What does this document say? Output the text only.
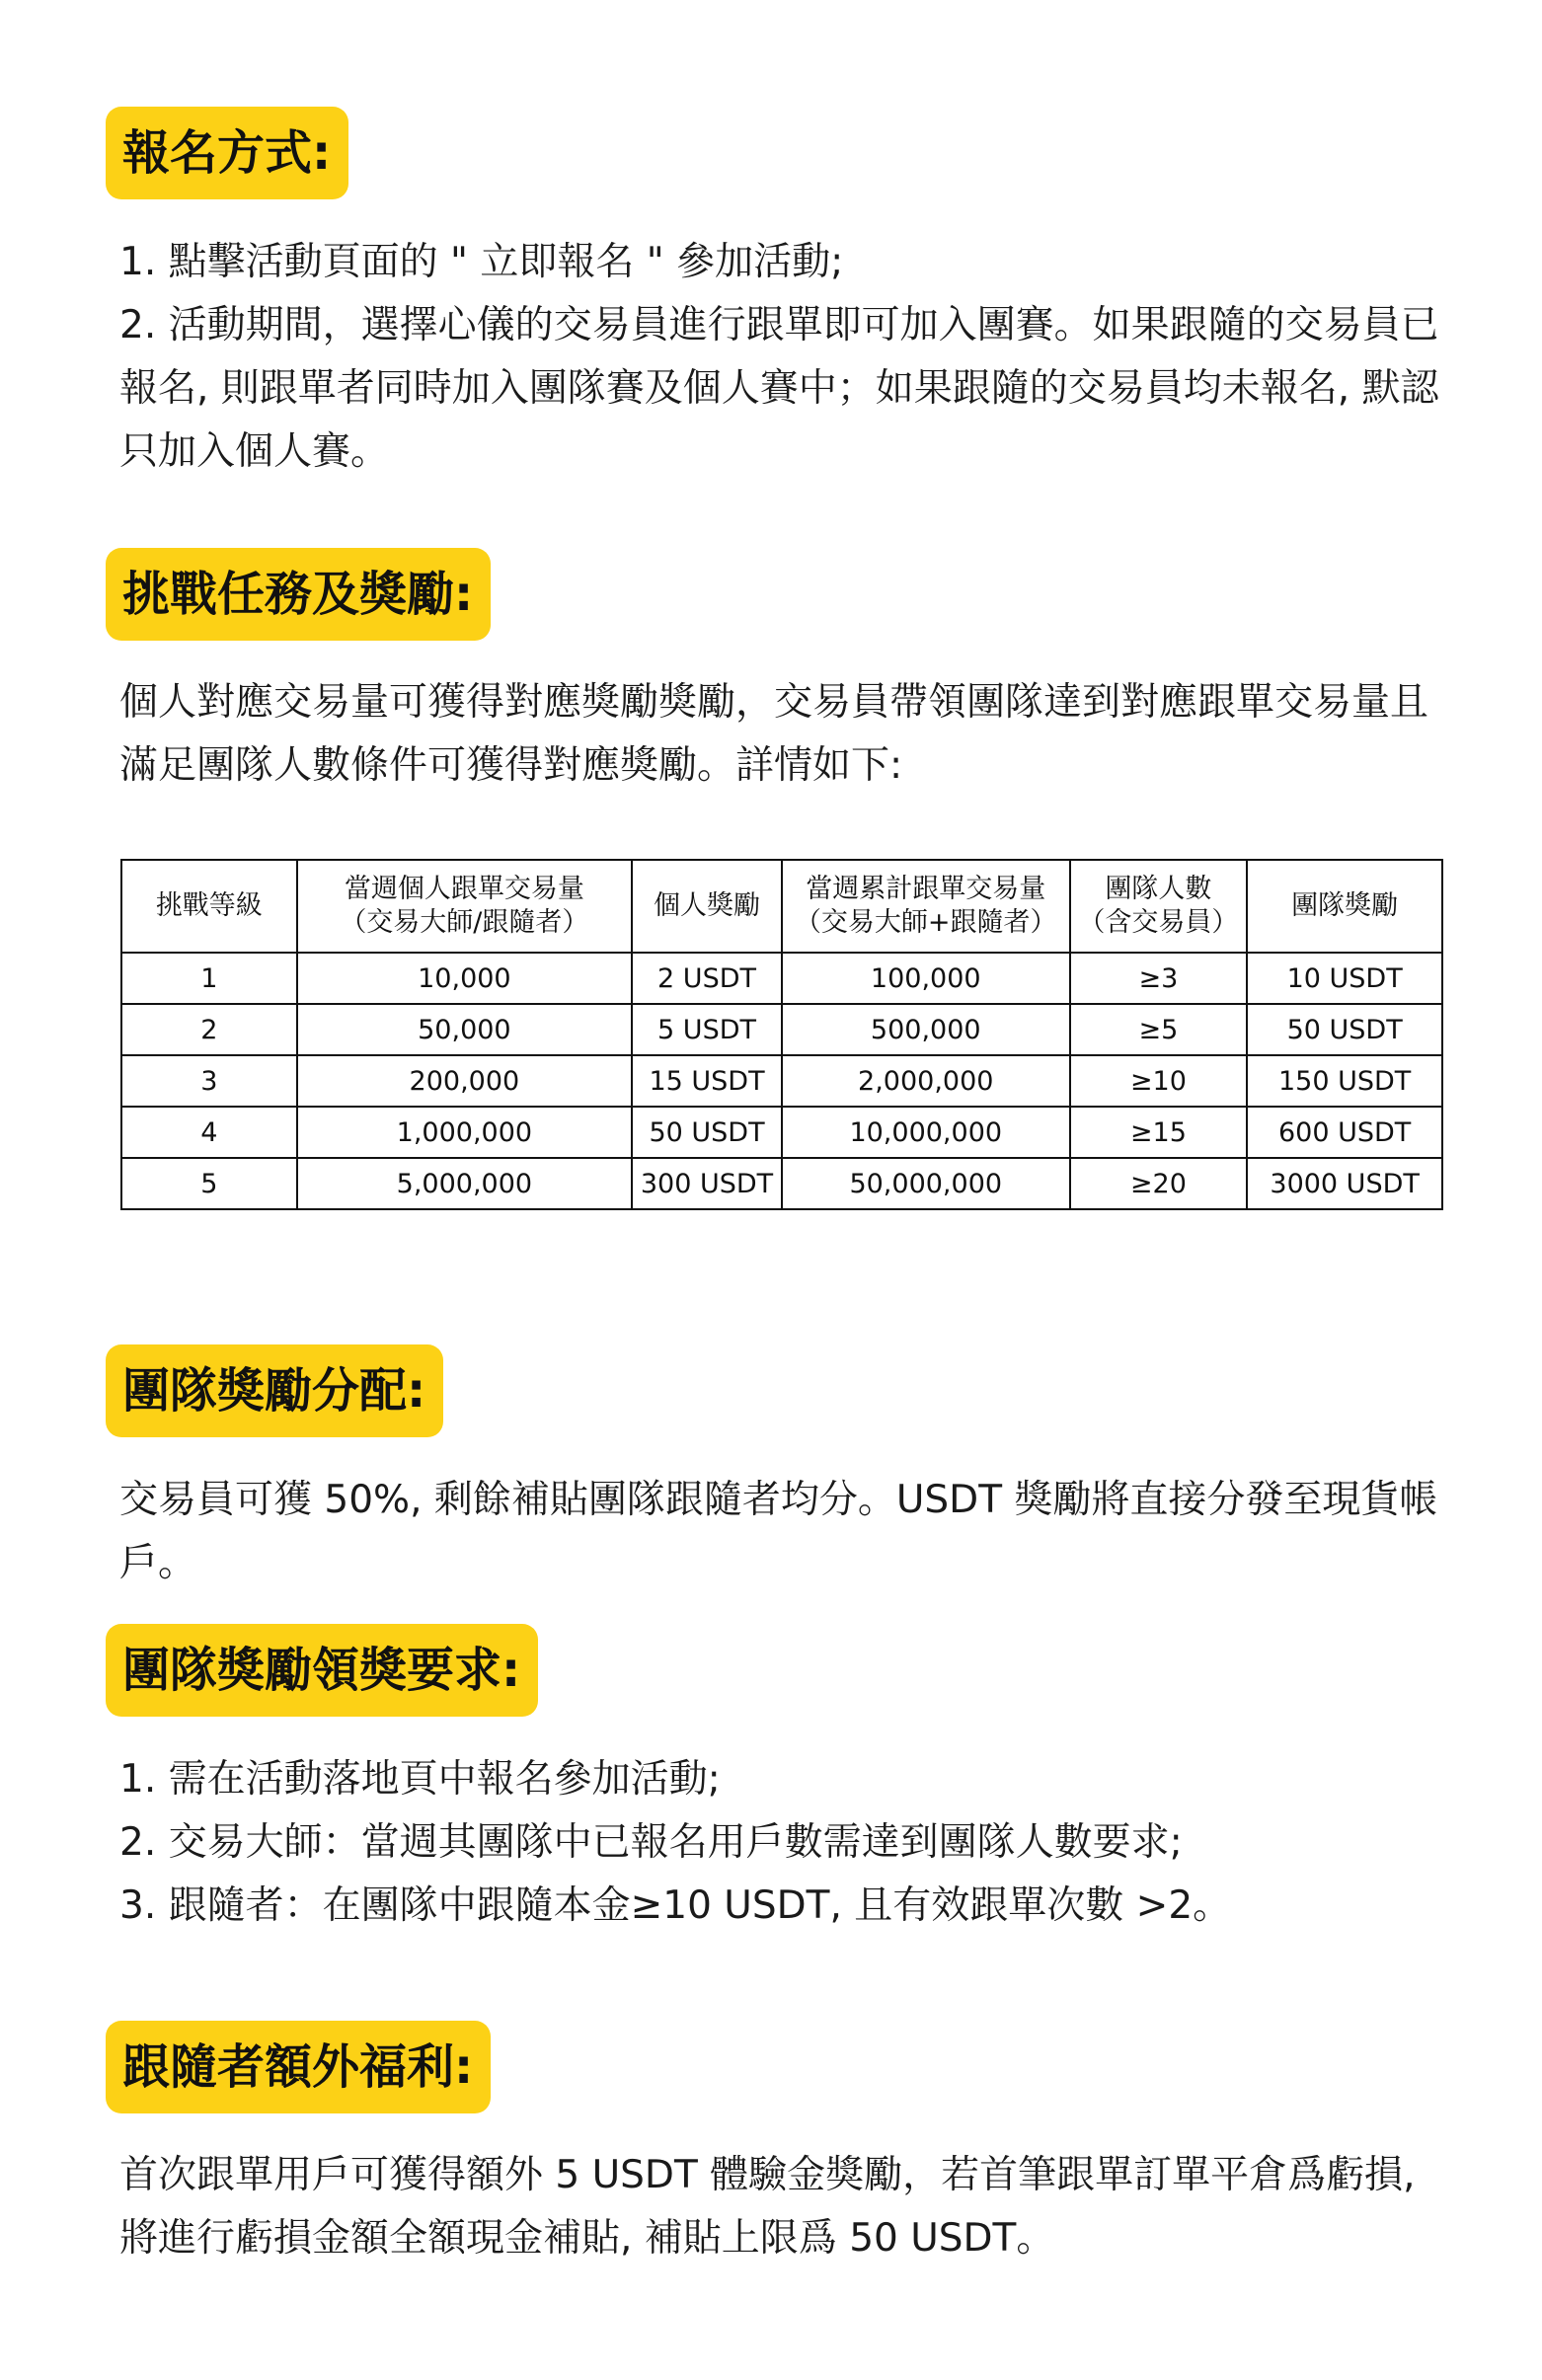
報名方式:

1. 點擊活動頁面的 " 立即報名 " 參加活動;

2. 活動期間，選擇心儀的交易員進行跟單即可加入團賽。如果跟隨的交易員已報名, 則跟單者同時加入團隊賽及個人賽中；如果跟隨的交易員均未報名, 默認只加入個人賽。

挑戰任務及獎勵:

個人對應交易量可獲得對應獎勵獎勵，交易員帶領團隊達到對應跟單交易量且滿足團隊人數條件可獲得對應獎勵。詳情如下:

挑戰等級	當週個人跟單交易量
（交易大師/跟隨者）	個人獎勵	當週累計跟單交易量
（交易大師+跟隨者）	團隊人數
（含交易員）	團隊獎勵
1	10,000	2 USDT	100,000	≥3	10 USDT
2	50,000	5 USDT	500,000	≥5	50 USDT
3	200,000	15 USDT	2,000,000	≥10	150 USDT
4	1,000,000	50 USDT	10,000,000	≥15	600 USDT
5	5,000,000	300 USDT	50,000,000	≥20	3000 USDT
團隊獎勵分配:

交易員可獲 50%, 剩餘補貼團隊跟隨者均分。USDT 獎勵將直接分發至現貨帳戶。

團隊獎勵領獎要求:

1. 需在活動落地頁中報名參加活動;

2. 交易大師：當週其團隊中已報名用戶數需達到團隊人數要求;

3. 跟隨者：在團隊中跟隨本金≥10 USDT, 且有效跟單次數 >2。

跟隨者額外福利:

首次跟單用戶可獲得額外 5 USDT 體驗金獎勵，若首筆跟單訂單平倉爲虧損, 將進行虧損金額全額現金補貼, 補貼上限爲 50 USDT。
